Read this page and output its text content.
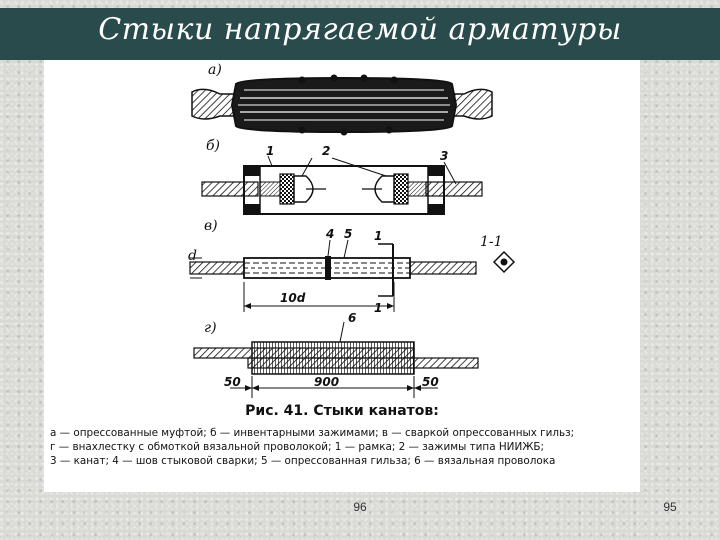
Стыки напрягаемой арматуры
а)
б)	1	2	3
в)
d
4 5 1
1
1-1
10d
г)
6
50	900	50
Рис. 41. Стыки канатов:
а — опрессованные муфтой; б — инвентарными зажимами; в — сваркой опрессованных гильз;
г — внахлестку с обмоткой вязальной проволокой; 1 — рамка; 2 — зажимы типа НИИЖБ;
3 — канат; 4 — шов стыковой сварки; 5 — опрессованная гильза; 6 — вязальная проволока
96	95
